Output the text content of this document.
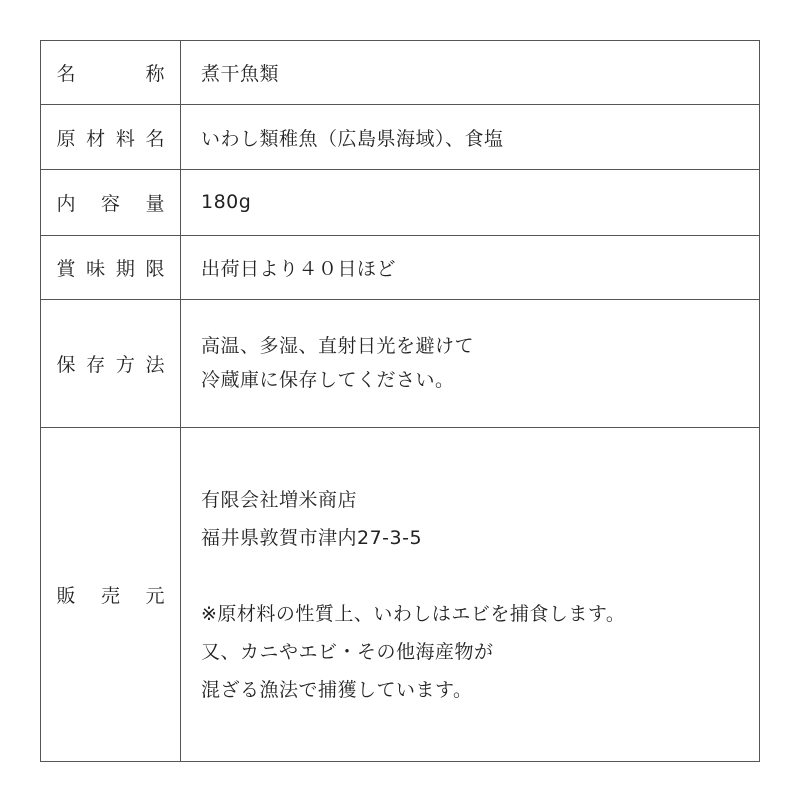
名称	煮干魚類

原材料名	いわし類稚魚（広島県海域）、食塩

内容量	180g

賞味期限	出荷日より４０日ほど

保存方法	高温、多湿、直射日光を避けて
冷蔵庫に保存してください。

販売元	有限会社増米商店
福井県敦賀市津内27-3-5
※原材料の性質上、いわしはエビを捕食します。
又、カニやエビ・その他海産物が
混ざる漁法で捕獲しています。
